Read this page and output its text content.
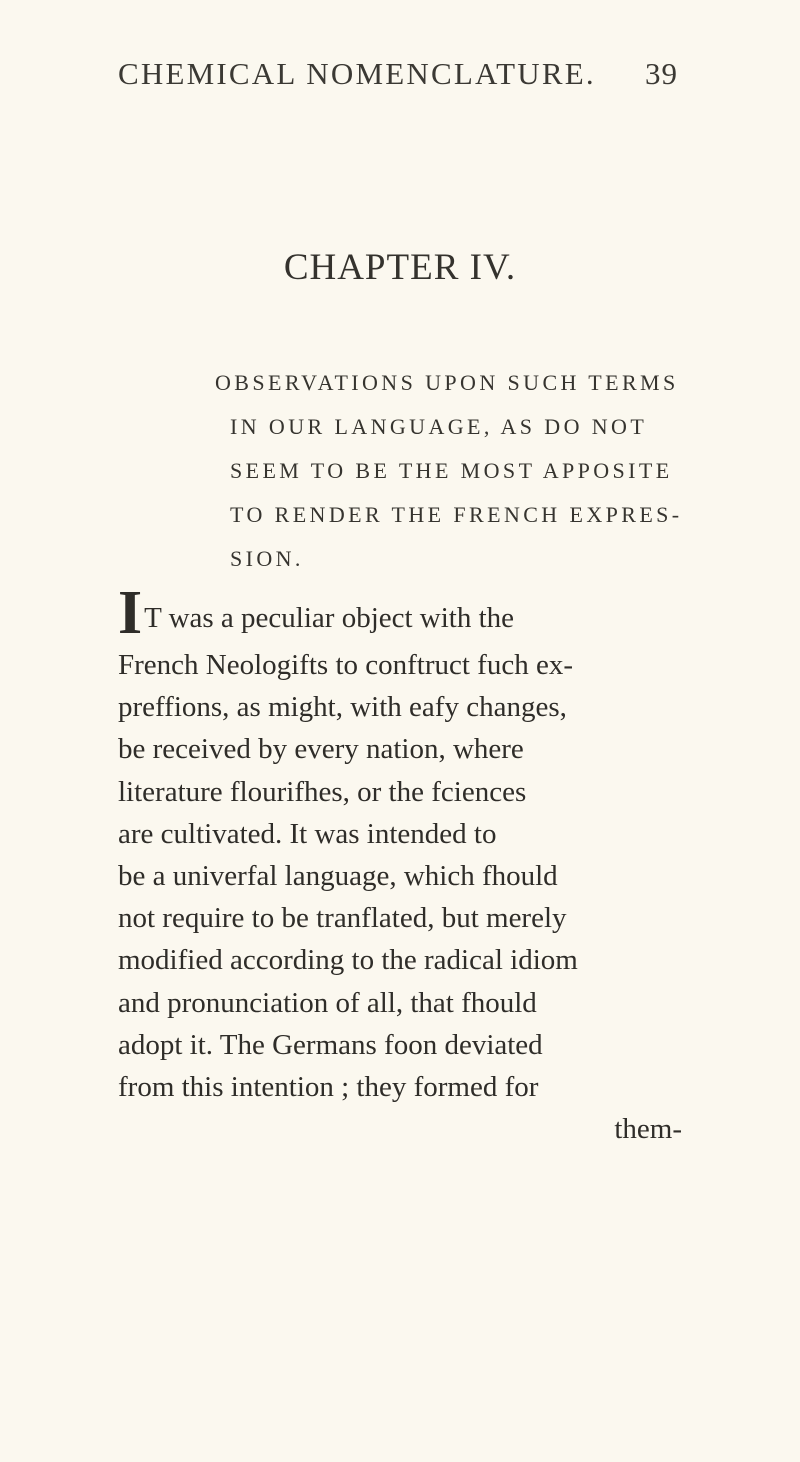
CHEMICAL NOMENCLATURE. 39
CHAPTER IV.
OBSERVATIONS UPON SUCH TERMS
IN OUR LANGUAGE, AS DO NOT
SEEM TO BE THE MOST APPOSITE
TO RENDER THE FRENCH EXPRES-
SION.
IT was a peculiar object with the
French Neologifts to conftruct fuch ex-
preffions, as might, with eafy changes,
be received by every nation, where
literature flourifhes, or the fciences
are cultivated. It was intended to
be a univerfal language, which fhould
not require to be tranflated, but merely
modified according to the radical idiom
and pronunciation of all, that fhould
adopt it. The Germans foon deviated
from this intention ; they formed for
them-
